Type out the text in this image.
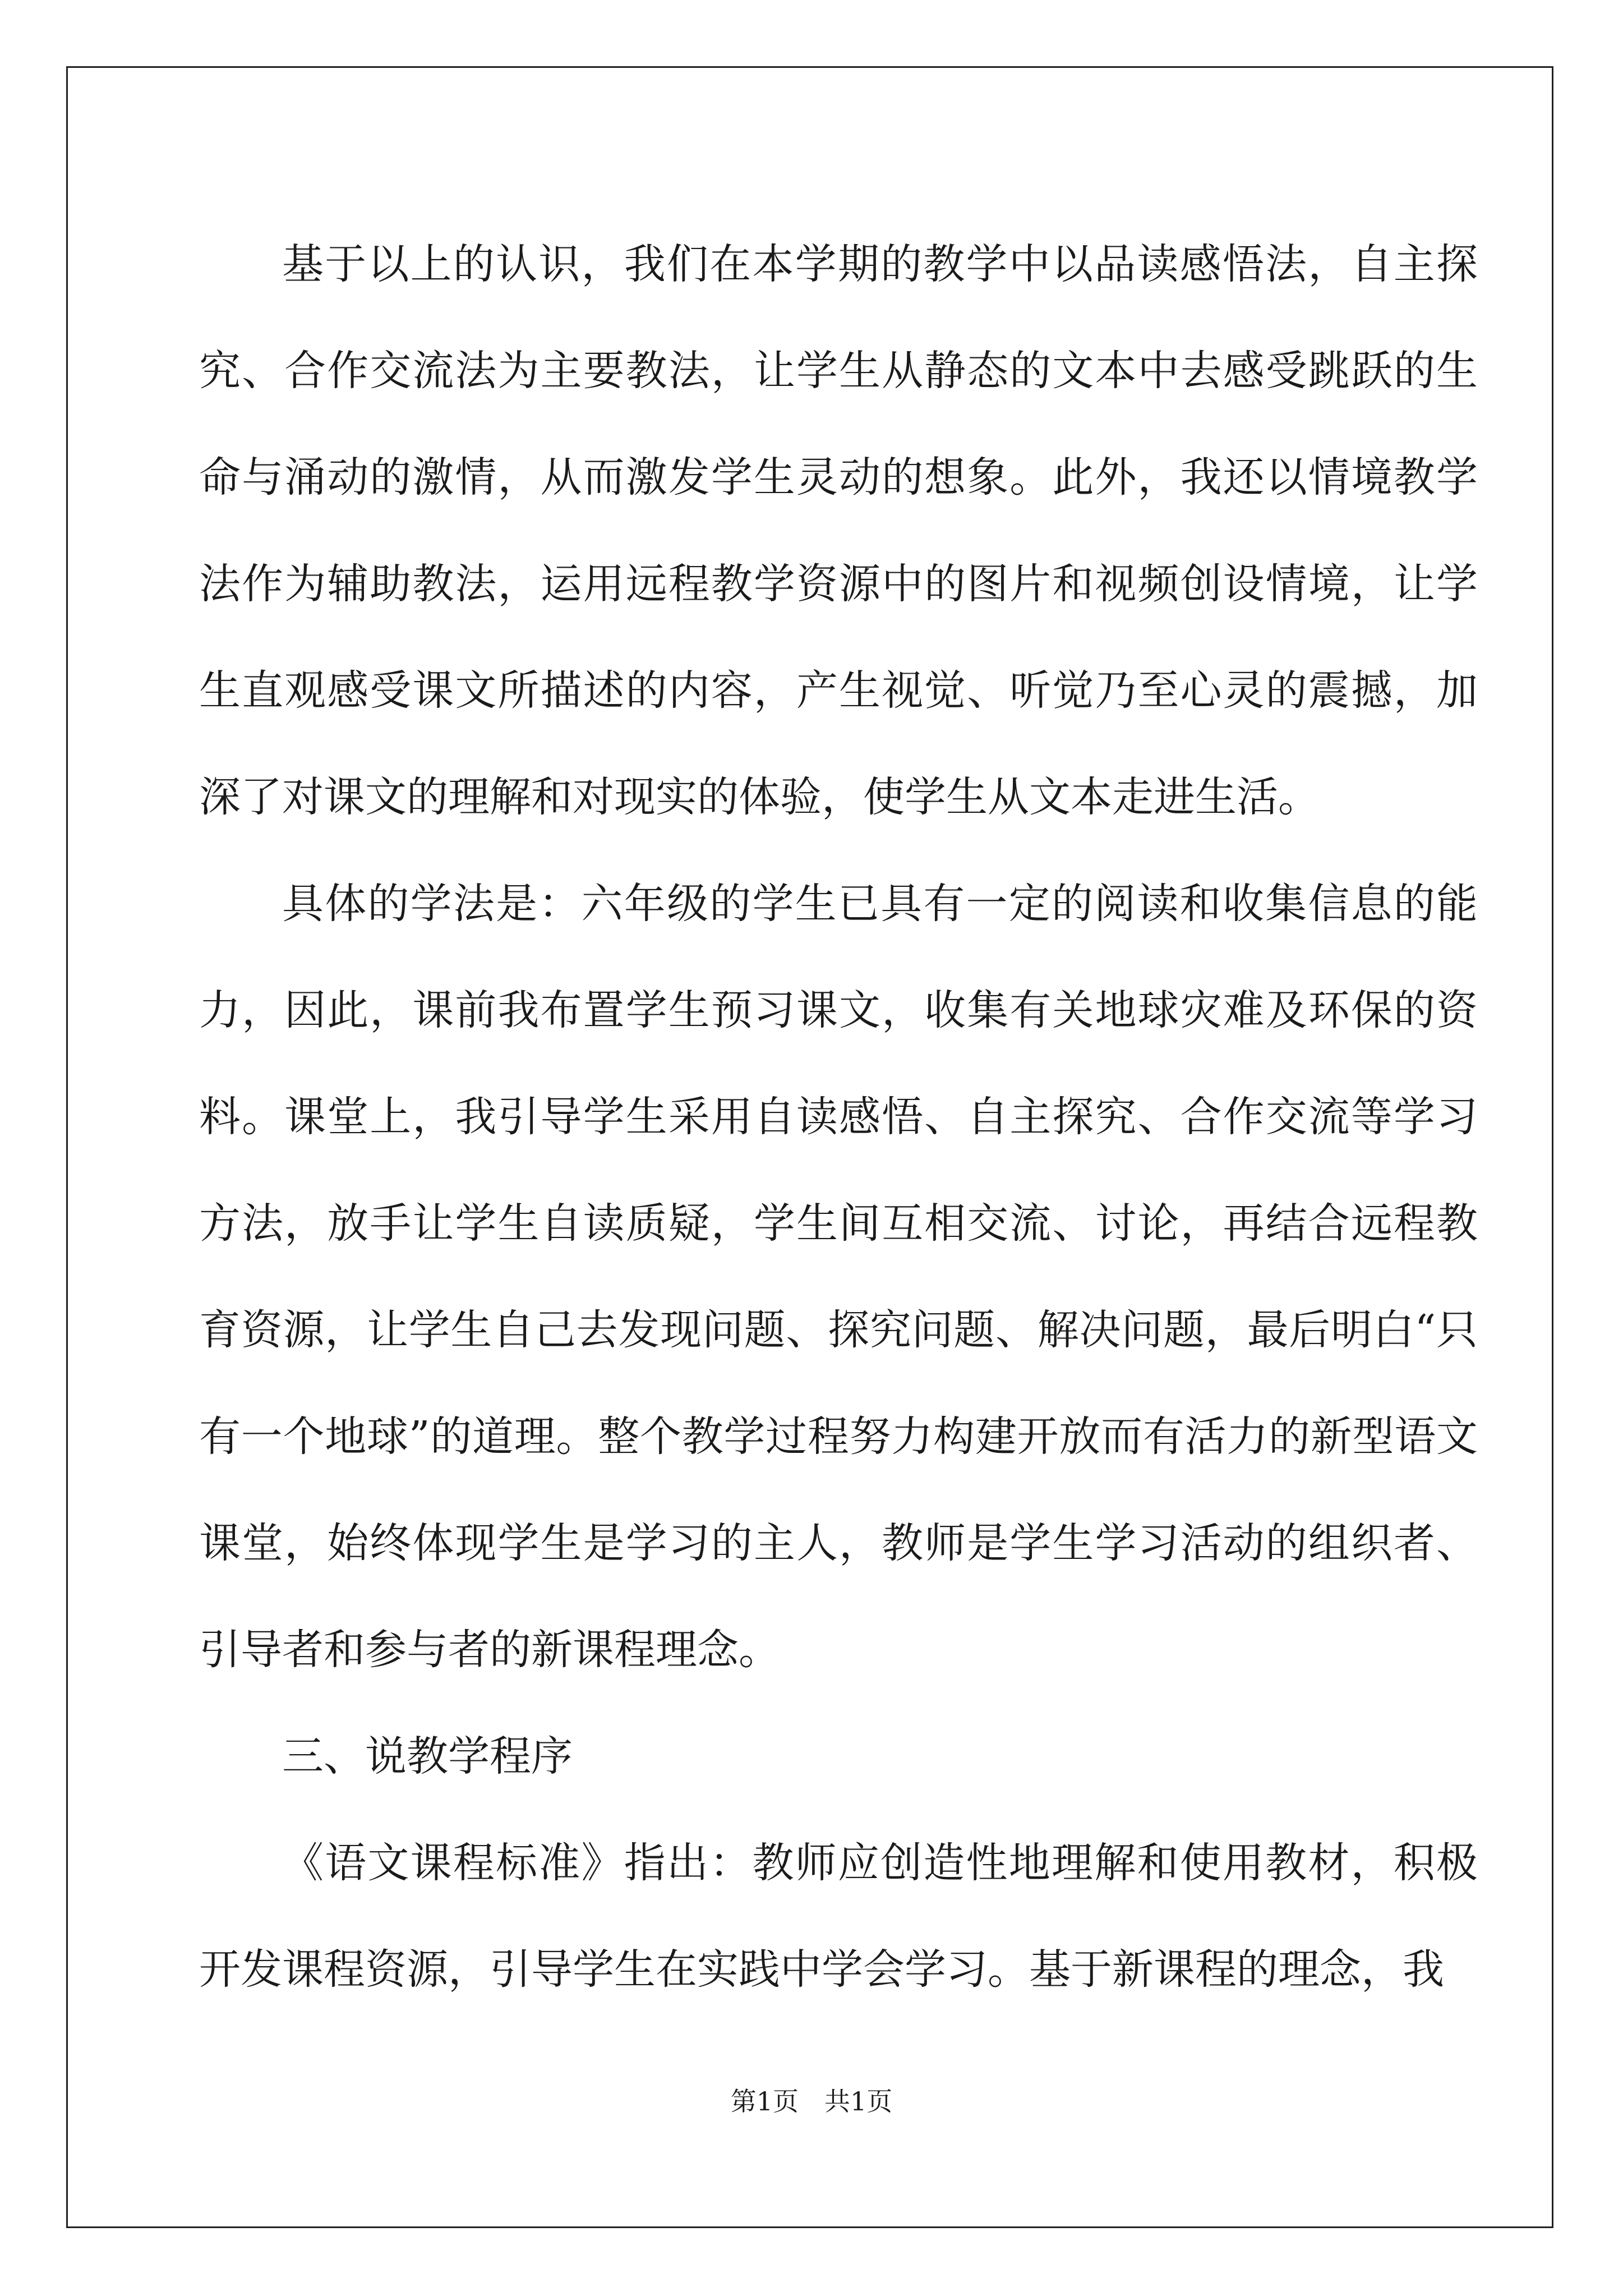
基于以上的认识，我们在本学期的教学中以品读感悟法，自主探究、合作交流法为主要教法，让学生从静态的文本中去感受跳跃的生命与涌动的激情，从而激发学生灵动的想象。此外，我还以情境教学法作为辅助教法，运用远程教学资源中的图片和视频创设情境，让学生直观感受课文所描述的内容，产生视觉、听觉乃至心灵的震撼，加深了对课文的理解和对现实的体验，使学生从文本走进生活。

具体的学法是：六年级的学生已具有一定的阅读和收集信息的能力，因此，课前我布置学生预习课文，收集有关地球灾难及环保的资料。课堂上，我引导学生采用自读感悟、自主探究、合作交流等学习方法，放手让学生自读质疑，学生间互相交流、讨论，再结合远程教育资源，让学生自己去发现问题、探究问题、解决问题，最后明白“只有一个地球”的道理。整个教学过程努力构建开放而有活力的新型语文课堂，始终体现学生是学习的主人，教师是学生学习活动的组织者、引导者和参与者的新课程理念。

三、说教学程序

《语文课程标准》指出：教师应创造性地理解和使用教材，积极开发课程资源，引导学生在实践中学会学习。基于新课程的理念，我

第1页　共1页
